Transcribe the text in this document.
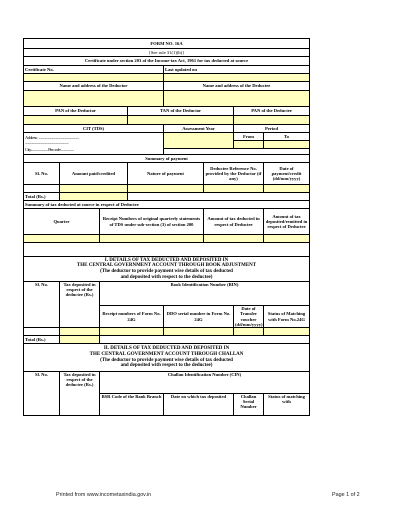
FORM NO. 16A							
[See rule 31(1)(b)]							
Certificate under section 203 of the Income-tax Act, 1961 for tax deducted at source							
Certificate No.				Last updated on			

Name and address of the Deductor				Name and address of the Deductee			

PAN of the Deductor			TAN of the Deductor			PAN of the Deductee	

CIT (TDS)				Assessment Year		Period	

Address : ..............................................................
...................................................................
City.......................... Pin code:....................						From	To

Summary of payment							
Sl. No.	Amount paid/credited		Nature of payment		Deductee Reference No. provided by the Deductor (if any)		Date of payment/credit (dd/mm/yyyy)

Total (Rs.)							
Summary of tax deducted at source in respect of Deductee							
Quarter		Receipt Numbers of original quarterly statements of TDS under sub-section (3) of section 200			Amount of tax deducted in respect of Deductee		Amount of tax deposited/remitted in respect of Deductee

I. DETAILS OF TAX DEDUCTED AND DEPOSITED IN
THE CENTRAL GOVERNMENT ACCOUNT THROUGH BOOK ADJUSTMENT
(The deductor to provide payment wise details of tax deducted
and deposited with respect to the deductee)							

Sl. No.	Tax deposited in respect of the deductee (Rs.)	Book Identification Number (BIN)					
		Receipt numbers of Form No. 24G		DDO serial number in Form No. 24G		Date of Transfer voucher (dd/mm/yyyy)	Status of Matching with Form No.24G

Total (Rs.)							

II. DETAILS OF TAX DEDUCTED AND DEPOSITED IN
THE CENTRAL GOVERNMENT ACCOUNT THROUGH CHALLAN
(The deductor to provide payment wise details of tax deducted
and deposited with respect to the deductee)							

Sl. No.	Tax deposited in respect of the deductee (Rs.)	Challan Identification Number (CIN)					
		BSR Code of the Bank Branch		Date on which tax deposited		Challan Serial Number	Status of matching with
Printed from www.incometaxindia.gov.in	Page 1 of 2
